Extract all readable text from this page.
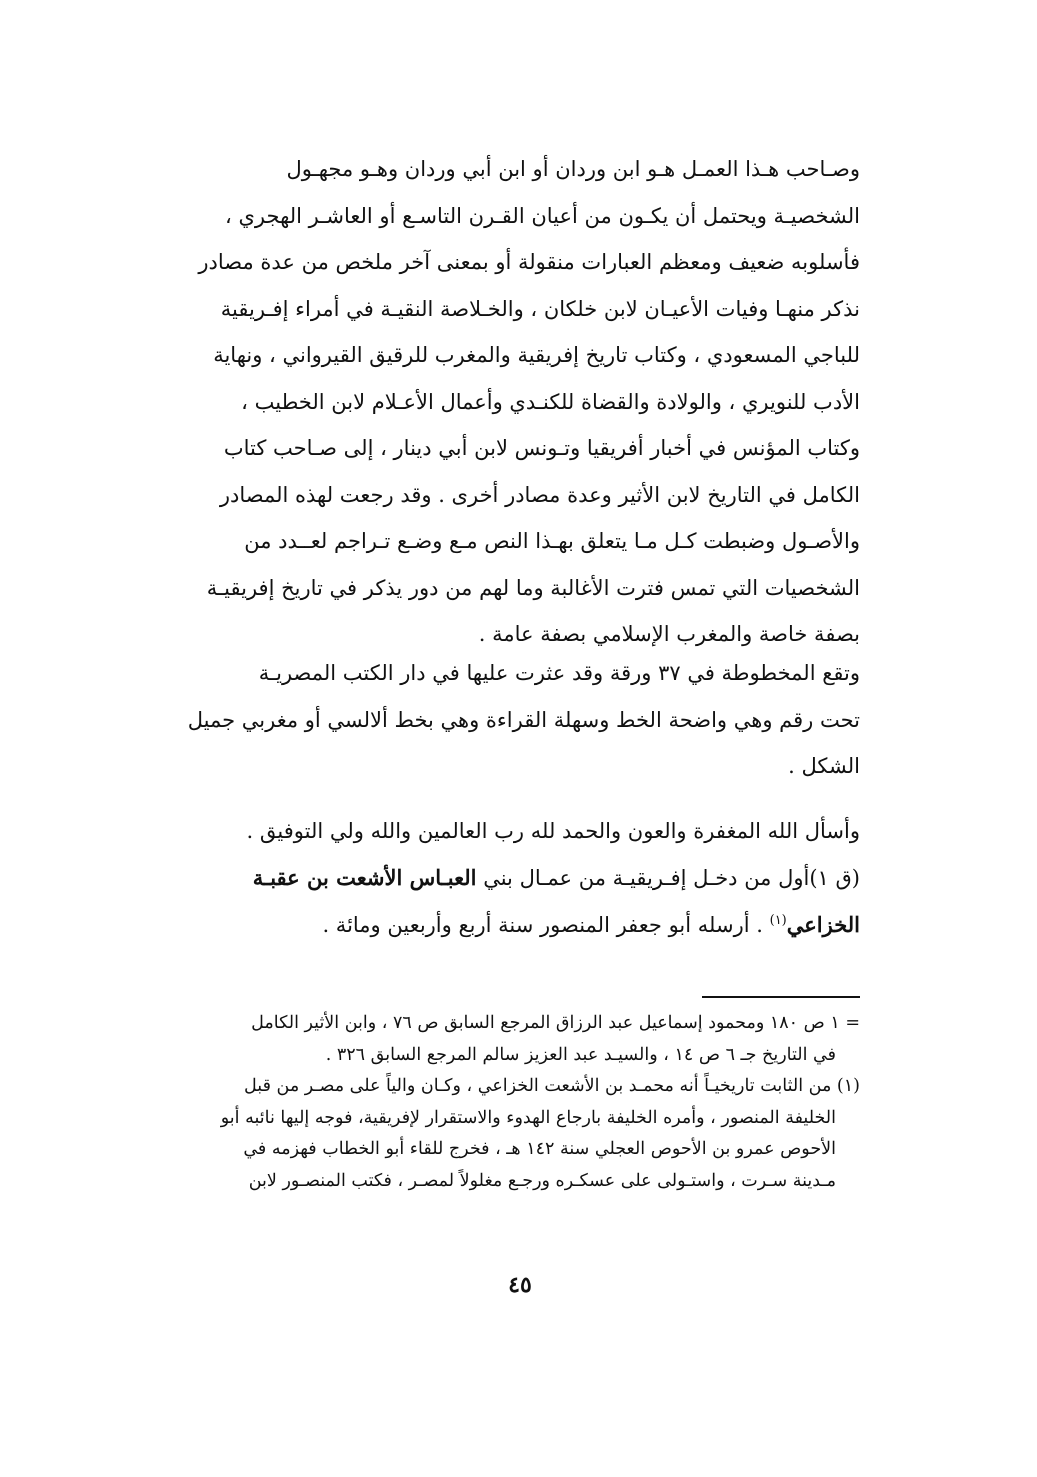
وصـاحب هـذا العمـل هـو ابن وردان أو ابن أبي وردان وهـو مجهـول
الشخصيـة ويحتمل أن يكـون من أعيان القـرن التاسـع أو العاشـر الهجري ،
فأسلوبه ضعيف ومعظم العبارات منقولة أو بمعنى آخر ملخص من عدة مصادر
نذكر منهـا وفيات الأعيـان لابن خلكان ، والخـلاصة النقيـة في أمراء إفـريقية
للباجي المسعودي ، وكتاب تاريخ إفريقية والمغرب للرقيق القيرواني ، ونهاية
الأدب للنويري ، والولادة والقضاة للكنـدي وأعمال الأعـلام لابن الخطيب ،
وكتاب المؤنس في أخبار أفريقيا وتـونس لابن أبي دينار ، إلى صـاحب كتاب
الكامل في التاريخ لابن الأثير وعدة مصادر أخرى . وقد رجعت لهذه المصادر
والأصـول وضبطت كـل مـا يتعلق بهـذا النص مـع وضـع تـراجم لعــدد من
الشخصيات التي تمس فترت الأغالبة وما لهم من دور يذكر في تاريخ إفريقيـة
بصفة خاصة والمغرب الإسلامي بصفة عامة .
وتقع المخطوطة في ٣٧ ورقة وقد عثرت عليها في دار الكتب المصريـة
تحت رقم وهي واضحة الخط وسهلة القراءة وهي بخط ألالسي أو مغربي جميل
الشكل .
وأسأل الله المغفرة والعون والحمد لله رب العالمين والله ولي التوفيق .
(ق ١)أول من دخـل إفـريقيـة من عمـال بني العبـاس الأشعت بن عقبـة
الخزاعي$^{(١)}$ . أرسله أبو جعفر المنصور سنة أربع وأربعين ومائة .
= ١ ص ١٨٠ ومحمود إسماعيل عبد الرزاق المرجع السابق ص ٧٦ ، وابن الأثير الكامل
في التاريخ جـ ٦ ص ١٤ ، والسيـد عبد العزيز سالم المرجع السابق ٣٢٦ .
(١) من الثابت تاريخيـاً أنه محمـد بن الأشعت الخزاعي ، وكـان والياً على مصـر من قبل
الخليفة المنصور ، وأمره الخليفة بارجاع الهدوء والاستقرار لإفريقية، فوجه إليها نائبه أبو
الأحوص عمرو بن الأحوص العجلي سنة ١٤٢ هـ ، فخرج للقاء أبو الخطاب فهزمه في
مـدينة سـرت ، واستـولى على عسكـره ورجـع مغلولاً لمصـر ، فكتب المنصـور لابن
٤٥
